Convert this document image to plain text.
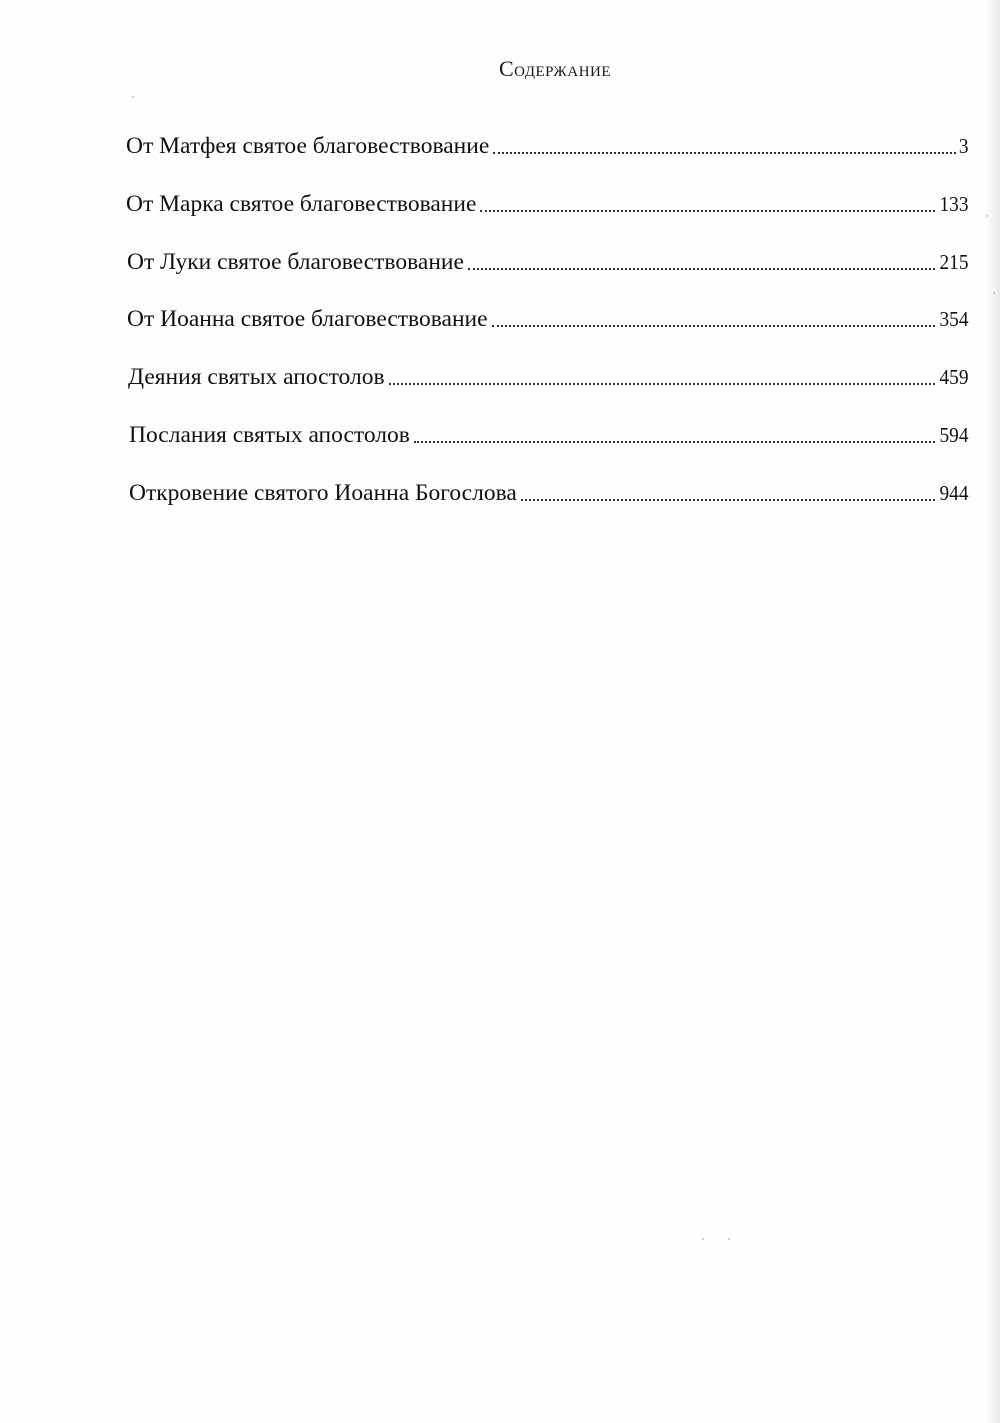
Содержание
От Матфея святое благовествование	3
От Марка святое благовествование	133
От Луки святое благовествование	215
От Иоанна святое благовествование	354
Деяния святых апостолов	459
Послания святых апостолов	594
Откровение святого Иоанна Богослова	944
